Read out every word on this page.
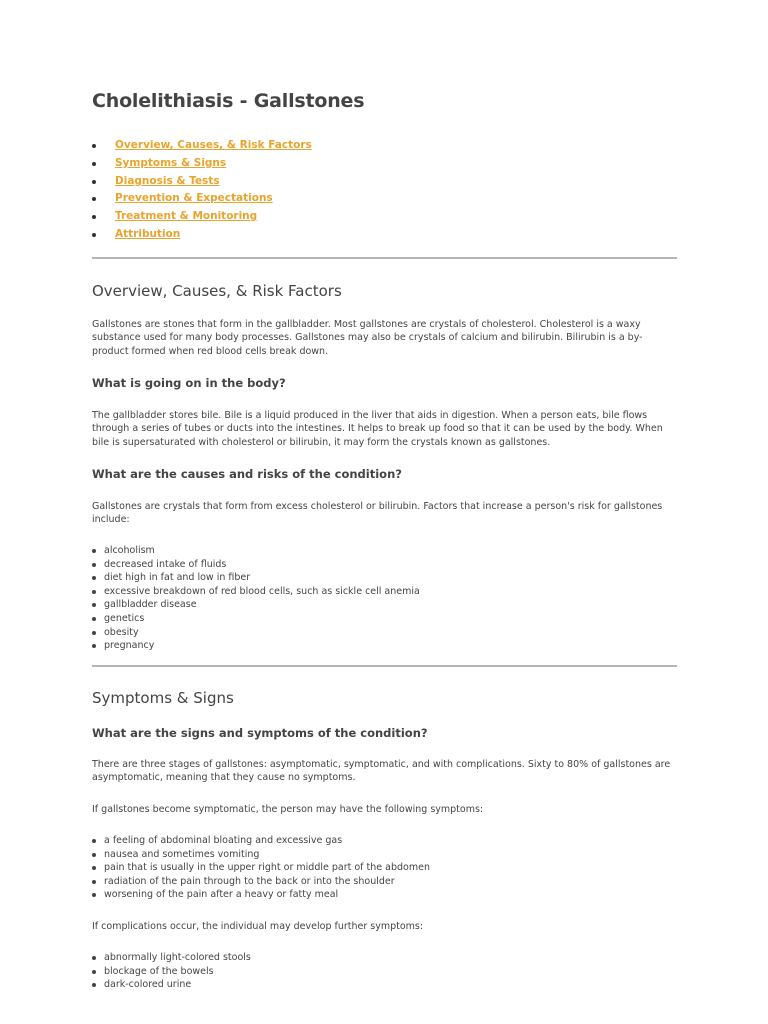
Cholelithiasis - Gallstones
Overview, Causes, & Risk Factors
Symptoms & Signs
Diagnosis & Tests
Prevention & Expectations
Treatment & Monitoring
Attribution
Overview, Causes, & Risk Factors

Gallstones are stones that form in the gallbladder. Most gallstones are crystals of cholesterol. Cholesterol is a waxy substance used for many body processes. Gallstones may also be crystals of calcium and bilirubin. Bilirubin is a by-product formed when red blood cells break down.

What is going on in the body?

The gallbladder stores bile. Bile is a liquid produced in the liver that aids in digestion. When a person eats, bile flows through a series of tubes or ducts into the intestines. It helps to break up food so that it can be used by the body. When bile is supersaturated with cholesterol or bilirubin, it may form the crystals known as gallstones.

What are the causes and risks of the condition?

Gallstones are crystals that form from excess cholesterol or bilirubin. Factors that increase a person's risk for gallstones include:

alcoholism
decreased intake of fluids
diet high in fat and low in fiber
excessive breakdown of red blood cells, such as sickle cell anemia
gallbladder disease
genetics
obesity
pregnancy
Symptoms & Signs
What are the signs and symptoms of the condition?

There are three stages of gallstones: asymptomatic, symptomatic, and with complications. Sixty to 80% of gallstones are asymptomatic, meaning that they cause no symptoms.

If gallstones become symptomatic, the person may have the following symptoms:

a feeling of abdominal bloating and excessive gas
nausea and sometimes vomiting
pain that is usually in the upper right or middle part of the abdomen
radiation of the pain through to the back or into the shoulder
worsening of the pain after a heavy or fatty meal

If complications occur, the individual may develop further symptoms:

abnormally light-colored stools
blockage of the bowels
dark-colored urine
